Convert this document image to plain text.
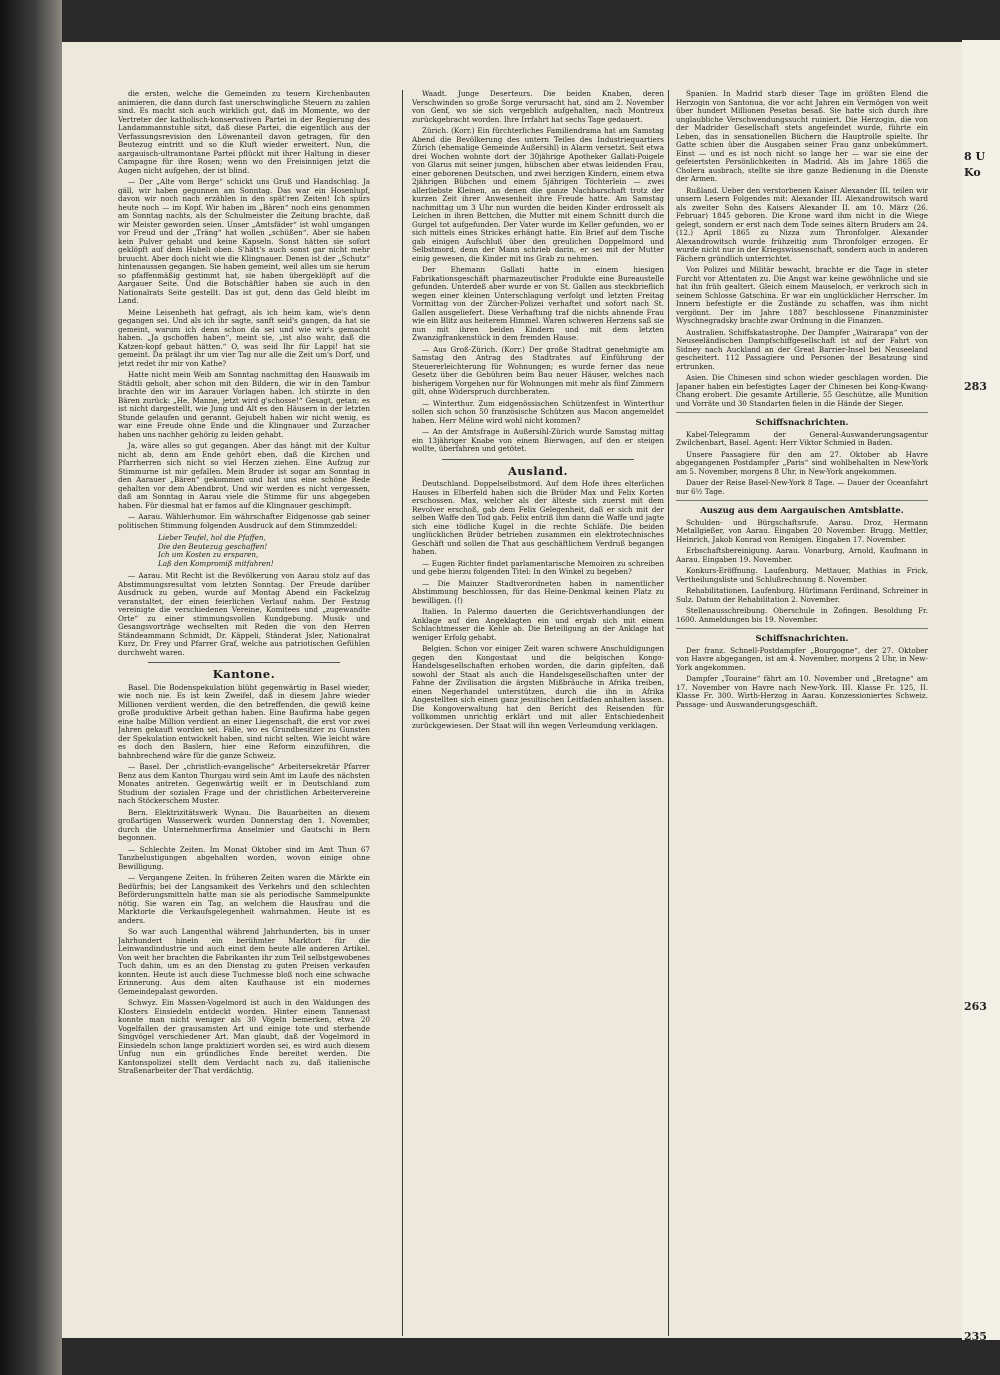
die ersten, welche die Gemeinden zu teuern Kirchenbauten animieren, die dann durch fast unerschwingliche Steuern zu zahlen sind. Es macht sich auch wirklich gut, daß im Momente, wo der Vertreter der katholisch-konservativen Partei in der Regierung des Landammannstuhle sitzt, daß diese Partei, die eigentlich aus der Verfassungsrevision den Löwenanteil davon getragen, für den Beutezug eintritt und so die Kluft wieder erweitert. Nun, die aargauisch-ultramontane Partei pflückt mit ihrer Haltung in dieser Campagne für ihre Rosen; wenn wo den Freisinnigen jetzt die Augen nicht aufgehen, der ist blind.

— Der „Alte vom Berge“ schickt uns Gruß und Handschlag. Ja gäll, wir haben gegunnen am Sonntag. Das war ein Hosenlupf, davon wir noch nach erzählen in den spät'ren Zeiten! Ich spürs heute noch — im Kopf. Wir haben im „Bären“ noch eins genommen am Sonntag nachts, als der Schulmeister die Zeitung brachte, daß wir Meister geworden seien. Unser „Amtsfäder“ ist wohl umgangen vor Freud und der „Träng“ hat wollen „schüßen“. Aber sie haben kein Pulver gehabt und keine Kapseln. Sonst hätten sie sofort geklöpft auf dem Hubeli oben. S'hätt's auch sonst gar nicht mehr bruucht. Aber doch nicht wie die Klingnauer. Denen ist der „Schutz“ hintenaussen gegangen. Sie haben gemeint, weil alles um sie herum so pfaffenmäßig gestimmt hat, sie haben übergeklöpft auf die Aargauer Seite. Und die Botschäftler haben sie auch in den Nationalrats Seite gestellt. Das ist gut, denn das Geld bleibt im Land.

Meine Leisenbeth hat gefragt, als ich heim kam, wie's denn gegangen sei. Und als ich ihr sagte, sanft seid's gangen, da hat sie gemeint, warum ich denn schon da sei und wie wir's gemacht haben. „Ja gschoffen haben“, meint sie, „ist also wahr, daß die Katzen-kopf gebaut hätten.“ O, was seid Ihr für Lappi! hat sie gemeint. Da prälagt ihr um vier Tag nur alle die Zeit um's Dorf, und jetzt redet ihr mir von Kathe?

Hatte nicht mein Weib am Sonntag nachmittag den Hauswaib im Städtli geholt, aber schon mit den Bildern, die wir in den Tambur brachte den wir im Aarauer Vorlagen haben. Ich stürzte in den Bären zurück: „He, Manne, jetzt wird g'schosse!“ Gesagt, getan; es ist nicht dargestellt, wie Jung und Alt es den Häusern in der letzten Stunde gelaufen und gerannt. Gejubelt haben wir nicht wenig, es war eine Freude ohne Ende und die Klingnauer und Zurzacher haben uns nachher gehörig zu leiden gehabt.

Ja, wäre alles so gut gegangen. Aber das hängt mit der Kultur nicht ab, denn am Ende gehört eben, daß die Kirchen und Pfarrherren sich nicht so viel Herzen ziehen. Eine Aufzug zur Stimmurne ist mir gefallen. Mein Bruder ist sogar am Sonntag in den Aarauer „Bären“ gekommen und hat uns eine schöne Rede gehalten vor dem Abendbrot. Und wir werden es nicht vergessen, daß am Sonntag in Aarau viele die Stimme für uns abgegeben haben. Für diesmal hat er famos auf die Klingnauer geschimpft.

— Aarau. Wählerhumor. Ein währschafter Eidgenosse gab seiner politischen Stimmung folgenden Ausdruck auf dem Stimmzeddel:

Lieber Teufel, hol die Pfaffen,
Die den Beutezug geschaffen!
Ich um Kosten zu ersparen,
Laß den Kompromiß mitfahren!

— Aarau. Mit Recht ist die Bevölkerung von Aarau stolz auf das Abstimmungsresultat vom letzten Sonntag. Der Freude darüber Ausdruck zu geben, wurde auf Montag Abend ein Fackelzug veranstaltet, der einen feierlichen Verlauf nahm. Der Festzug vereinigte die verschiedenen Vereine, Komitees und „zugewandte Orte“ zu einer stimmungsvollen Kundgebung. Musik- und Gesangsvorträge wechselten mit Reden die von den Herren Ständeammann Schmidt, Dr. Käppeli, Ständerat Jsler, Nationalrat Kurz, Dr. Frey und Pfarrer Graf, welche aus patriotischen Gefühlen durchweht waren.

Kantone.

Basel. Die Bodenspekulation blüht gegenwärtig in Basel wieder, wie noch nie. Es ist kein Zweifel, daß in diesem Jahre wieder Millionen verdient werden, die den betreffenden, die gewiß keine große produktive Arbeit gethan haben. Eine Baufirma habe gegen eine halbe Million verdient an einer Liegenschaft, die erst vor zwei Jahren gekauft worden sei. Fälle, wo es Grundbesitzer zu Gunsten der Spekulation entwickelt haben, sind nicht selten. Wie leicht wäre es doch den Baslern, hier eine Reform einzuführen, die bahnbrechend wäre für die ganze Schweiz.

— Basel. Der „christlich-evangelische“ Arbeitersekretär Pfarrer Benz aus dem Kanton Thurgau wird sein Amt im Laufe des nächsten Monates antreten. Gegenwärtig weilt er in Deutschland zum Studium der sozialen Frage und der christlichen Arbeitervereine nach Stöckerschem Muster.

Bern. Elektrizitätswerk Wynau. Die Bauarbeiten an diesem großartigen Wasserwerk wurden Donnerstag den 1. November, durch die Unternehmerfirma Anselmier und Gautschi in Bern begonnen.

— Schlechte Zeiten. Im Monat Oktober sind im Amt Thun 67 Tanzbelustigungen abgehalten worden, wovon einige ohne Bewilligung.

— Vergangene Zeiten. In früheren Zeiten waren die Märkte ein Bedürfnis; bei der Langsamkeit des Verkehrs und den schlechten Beförderungsmitteln hatte man sie als periodische Sammelpunkte nötig. Sie waren ein Tag, an welchem die Hausfrau und die Marktorte die Verkaufsgelegenheit wahrnahmen. Heute ist es anders.

So war auch Langenthal während Jahrhunderten, bis in unser Jahrhundert hinein ein berühmter Marktort für die Leinwandindustrie und auch einst dem heute alle anderen Artikel. Von weit her brachten die Fabrikanten ihr zum Teil selbstgewobenes Tuch dahin, um es an den Dienstag zu guten Preisen verkaufen konnten. Heute ist auch diese Tuchmesse bloß noch eine schwache Erinnerung. Aus dem alten Kaufhause ist ein modernes Gemeindepalast geworden.

Schwyz. Ein Massen-Vogelmord ist auch in den Waldungen des Klosters Einsiedeln entdeckt worden. Hinter einem Tannenast konnte man nicht weniger als 30 Vögeln bemerken, etwa 20 Vogelfallen der grausamsten Art und einige tote und sterbende Singvögel verschiedener Art. Man glaubt, daß der Vogelmord in Einsiedeln schon lange praktiziert worden sei, es wird auch diesem Unfug nun ein gründliches Ende bereitet werden. Die Kantonspolizei stellt dem Verdacht nach zu, daß italienische Straßenarbeiter der That verdächtig.

Waadt. Junge Deserteurs. Die beiden Knaben, deren Verschwinden so große Sorge verursacht hat, sind am 2. November von Genf, wo sie sich vergeblich aufgehalten, nach Montreux zurückgebracht worden. Ihre Irrfahrt hat sechs Tage gedauert.

Zürich. (Korr.) Ein fürchterliches Familiendrama hat am Samstag Abend die Bevölkerung des untern Teiles des Industriequartiers Zürich (ehemalige Gemeinde Außersihl) in Alarm versetzt. Seit etwa drei Wochen wohnte dort der 30jährige Apotheker Gallati-Poigele von Glarus mit seiner jungen, hübschen aber etwas leidenden Frau, einer geborenen Deutschen, und zwei herzigen Kindern, einem etwa 2jährigen Bübchen und einem 5jährigen Töchterlein — zwei allerliebste Kleinen, an denen die ganze Nachbarschaft trotz der kurzen Zeit ihrer Anwesenheit ihre Freude hatte. Am Samstag nachmittag um 3 Uhr nun wurden die beiden Kinder erdrosselt als Leichen in ihren Bettchen, die Mutter mit einem Schnitt durch die Gurgel tot aufgefunden. Der Vater wurde im Keller gefunden, wo er sich mittels eines Strickes erhängt hatte. Ein Brief auf dem Tische gab einigen Aufschluß über den greulichen Doppelmord und Selbstmord, denn der Mann schrieb darin, er sei mit der Mutter einig gewesen, die Kinder mit ins Grab zu nehmen.

Der Ehemann Gallati hatte in einem hiesigen Fabrikationsgeschäft pharmazeutischer Produkte eine Bureaustelle gefunden. Unterdeß aber wurde er von St. Gallen aus steckbrieflich wegen einer kleinen Unterschlagung verfolgt und letzten Freitag Vormittag von der Zürcher-Polizei verhaftet und sofort nach St. Gallen ausgeliefert. Diese Verhaftung traf die nichts ahnende Frau wie ein Blitz aus heiterem Himmel. Waren schweren Herzens saß sie nun mit ihren beiden Kindern und mit dem letzten Zwanzigfrankenstück in dem fremden Hause.

— Aus Groß-Zürich. (Korr.) Der große Stadtrat genehmigte am Samstag den Antrag des Stadtrates auf Einführung der Steuererleichterung für Wohnungen; es wurde ferner das neue Gesetz über die Gebühren beim Bau neuer Häuser, welches nach bisherigem Vorgehen nur für Wohnungen mit mehr als fünf Zimmern gilt, ohne Widerspruch durchberaten.

— Winterthur. Zum eidgenössischen Schützenfest in Winterthur sollen sich schon 50 französische Schützen aus Macon angemeldet haben. Herr Méline wird wohl nicht kommen?

— An der Amtsfrage in Außersihl-Zürich wurde Samstag mittag ein 13jähriger Knabe von einem Bierwagen, auf den er steigen wollte, überfahren und getötet.

Ausland.

Deutschland. Doppelselbstmord. Auf dem Hofe ihres elterlichen Hauses in Elberfeld haben sich die Brüder Max und Felix Korten erschossen. Max, welcher als der älteste sich zuerst mit dem Revolver erschoß, gab dem Felix Gelegenheit, daß er sich mit der selben Waffe den Tod gab. Felix entriß ihm dann die Waffe und jagte sich eine tödliche Kugel in die rechte Schläfe. Die beiden unglücklichen Brüder betrieben zusammen ein elektrotechnisches Geschäft und sollen die That aus geschäftlichem Verdruß begangen haben.

— Eugen Richter findet parlamentarische Memoiren zu schreiben und gebe hierzu folgenden Titel: In den Winkel zu begeben?

— Die Mainzer Stadtverordneten haben in namentlicher Abstimmung beschlossen, für das Heine-Denkmal keinen Platz zu bewilligen. (!)

Italien. In Palermo dauerten die Gerichtsverhandlungen der Anklage auf den Angeklagten ein und ergab sich mit einem Schlachtmesser die Kehle ab. Die Beteiligung an der Anklage hat weniger Erfolg gehabt.

Belgien. Schon vor einiger Zeit waren schwere Anschuldigungen gegen den Kongostaat und die belgischen Kongo-Handelsgesellschaften erhoben worden, die darin gipfelten, daß sowohl der Staat als auch die Handelsgesellschaften unter der Fahne der Zivilisation die ärgsten Mißbräuche in Afrika treiben, einen Negerhandel unterstützen, durch die ihn in Afrika Angestellten sich einen ganz jesuitischen Leitfaden anhalten lassen. Die Kongoverwaltung hat den Bericht des Reisenden für vollkommen unrichtig erklärt und mit aller Entschiedenheit zurückgewiesen. Der Staat will ihn wegen Verleumdung verklagen.

Spanien. In Madrid starb dieser Tage im größten Elend die Herzogin von Santonua, die vor acht Jahren ein Vermögen von weit über hundert Millionen Pesetas besaß. Sie hatte sich durch ihre unglaubliche Verschwendungssucht ruiniert. Die Herzogin, die von der Madrider Gesellschaft stets angefeindet wurde, führte ein Leben, das in sensationellen Büchern die Hauptrolle spielte. Ihr Gatte schien über die Ausgaben seiner Frau ganz unbekümmert. Einst — und es ist noch nicht so lange her — war sie eine der gefeiertsten Persönlichkeiten in Madrid. Als im Jahre 1865 die Cholera ausbrach, stellte sie ihre ganze Bedienung in die Dienste der Armen.

Rußland. Ueber den verstorbenen Kaiser Alexander III. teilen wir unsern Lesern Folgendes mit: Alexander III. Alexandrowitsch ward als zweiter Sohn des Kaisers Alexander II. am 10. März (26. Februar) 1845 geboren. Die Krone ward ihm nicht in die Wiege gelegt, sondern er erst nach dem Tode seines ältern Bruders am 24. (12.) April 1865 zu Nizza zum Thronfolger. Alexander Alexandrowitsch wurde frühzeitig zum Thronfolger erzogen. Er wurde nicht nur in der Kriegswissenschaft, sondern auch in anderen Fächern gründlich unterrichtet.

Von Polizei und Militär bewacht, brachte er die Tage in steter Furcht vor Attentaten zu. Die Angst war keine gewöhnliche und sie hat ihn früh gealtert. Gleich einem Mauseloch, er verkroch sich in seinem Schlosse Gatschina. Er war ein unglücklicher Herrscher. Im Innern befestigte er die Zustände zu schaffen, was ihm nicht vergönnt. Der im Jahre 1887 beschlossene Finanzminister Wyschnegradsky brachte zwar Ordnung in die Finanzen.

Australien. Schiffskatastrophe. Der Dampfer „Wairarapa“ von der Neuseeländischen Dampfschiffgesellschaft ist auf der Fahrt von Sidney nach Auckland an der Great Barrier-Insel bei Neuseeland gescheitert. 112 Passagiere und Personen der Besatzung sind ertrunken.

Asien. Die Chinesen sind schon wieder geschlagen worden. Die Japaner haben ein befestigtes Lager der Chinesen bei Kong-Kwang-Chang erobert. Die gesamte Artillerie, 55 Geschütze, alle Munition und Vorräte und 30 Standarten fielen in die Hände der Sieger.

Schiffsnachrichten.

Kabel-Telegramm der General-Auswanderungsagentur Zwilchenbart, Basel. Agent: Herr Viktor Schmied in Baden.

Unsere Passagiere für den am 27. Oktober ab Havre abgegangenen Postdampfer „Paris“ sind wohlbehalten in New-York am 5. November, morgens 8 Uhr, in New-York angekommen.

Dauer der Reise Basel-New-York 8 Tage. — Dauer der Oceanfahrt nur 6½ Tage.

Auszug aus dem Aargauischen Amtsblatte.

Schulden- und Bürgschaftsrufe. Aarau. Droz, Hermann Metallgießer, von Aarau. Eingaben 20 November. Brugg. Mettler, Heinrich, Jakob Konrad von Remigen. Eingaben 17. November.

Erbschaftsbereinigung. Aarau. Vonarburg, Arnold, Kaufmann in Aarau. Eingaben 19. November.

Konkurs-Eröffnung. Laufenburg. Mettauer, Mathias in Frick, Vertheilungsliste und Schlußrechnung 8. November.

Rehabilitationen. Laufenburg. Hürlimann Ferdinand, Schreiner in Sulz. Datum der Rehabilitation 2. November.

Stellenausschreibung. Oberschule in Zofingen. Besoldung Fr. 1600. Anmeldungen bis 19. November.

Schiffsnachrichten.

Der franz. Schnell-Postdampfer „Bourgogne“, der 27. Oktober von Havre abgegangen, ist am 4. November, morgens 2 Uhr, in New-York angekommen.

Dampfer „Touraine“ fährt am 10. November und „Bretagne“ am 17. November von Havre nach New-York. III. Klasse Fr. 125, II. Klasse Fr. 300. Wirth-Herzog in Aarau. Konzessioniertes Schweiz. Passage- und Auswanderungsgeschäft.

8 U
Ko
283
263
235
